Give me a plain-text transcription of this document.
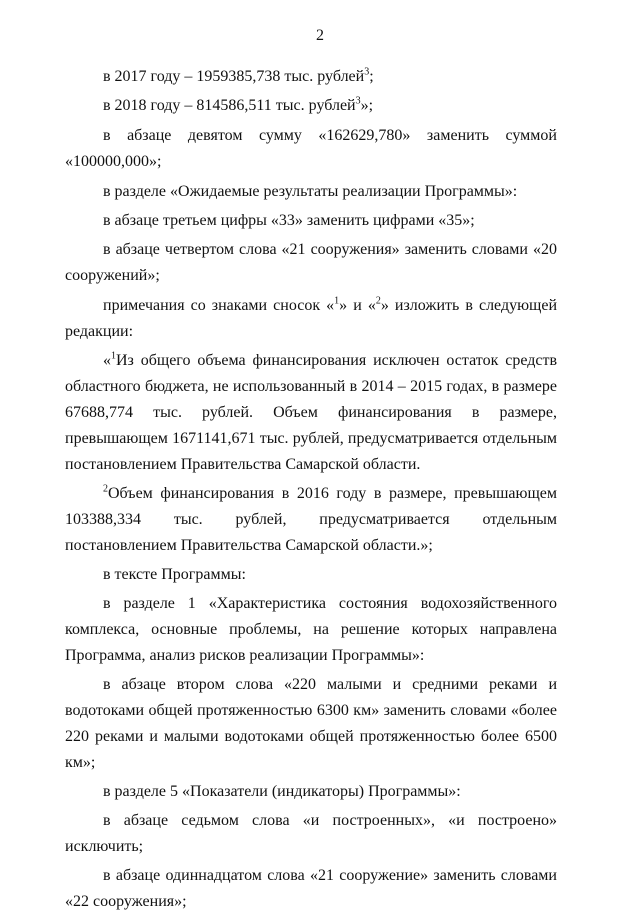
2

в 2017 году – 1959385,738 тыс. рублей$^3$;

в 2018 году – 814586,511 тыс. рублей$^3$»;

в абзаце девятом сумму «162629,780» заменить суммой «100000,000»;

в разделе «Ожидаемые результаты реализации Программы»:

в абзаце третьем цифры «33» заменить цифрами «35»;

в абзаце четвертом слова «21 сооружения» заменить словами «20 сооружений»;

примечания со знаками сносок «$^1$» и «$^2$» изложить в следующей редакции:

«$^1$Из общего объема финансирования исключен остаток средств областного бюджета, не использованный в 2014 – 2015 годах, в размере 67688,774 тыс. рублей. Объем финансирования в размере, превышающем 1671141,671 тыс. рублей, предусматривается отдельным постановлением Правительства Самарской области.

$^2$Объем финансирования в 2016 году в размере, превышающем 103388,334 тыс. рублей, предусматривается отдельным постановлением Правительства Самарской области.»;

в тексте Программы:

в разделе 1 «Характеристика состояния водохозяйственного комплекса, основные проблемы, на решение которых направлена Программа, анализ рисков реализации Программы»:

в абзаце втором слова «220 малыми и средними реками и водотоками общей протяженностью 6300 км» заменить словами «более 220 реками и малыми водотоками общей протяженностью более 6500 км»;

в разделе 5 «Показатели (индикаторы) Программы»:

в абзаце седьмом слова «и построенных», «и построено» исключить;

в абзаце одиннадцатом слова «21 сооружение» заменить словами «22 сооружения»;
